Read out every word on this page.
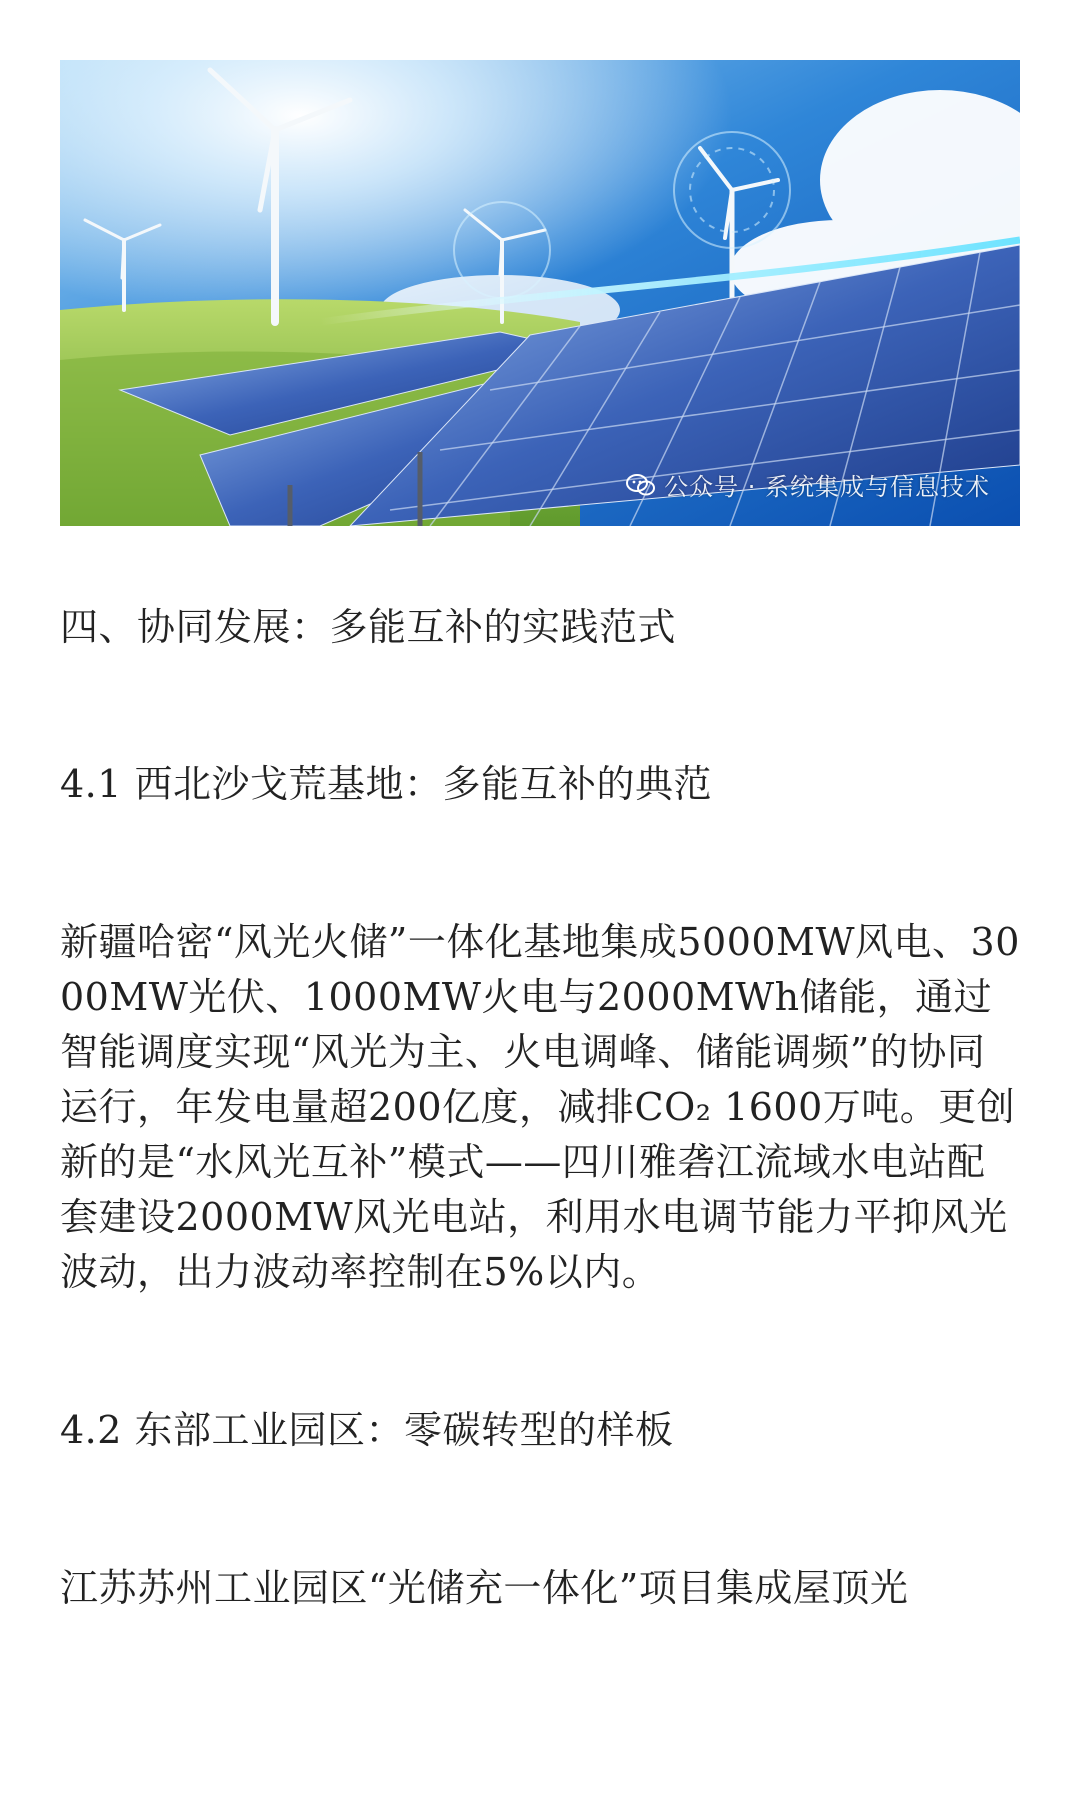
公众号 · 系统集成与信息技术

四、协同发展：多能互补的实践范式

4.1 西北沙戈荒基地：多能互补的典范

新疆哈密“风光火储”一体化基地集成5000MW风电、3000MW光伏、1000MW火电与2000MWh储能，通过智能调度实现“风光为主、火电调峰、储能调频”的协同运行，年发电量超200亿度，减排CO₂ 1600万吨。更创新的是“水风光互补”模式——四川雅砻江流域水电站配套建设2000MW风光电站，利用水电调节能力平抑风光波动，出力波动率控制在5%以内。

4.2 东部工业园区：零碳转型的样板

江苏苏州工业园区“光储充一体化”项目集成屋顶光
